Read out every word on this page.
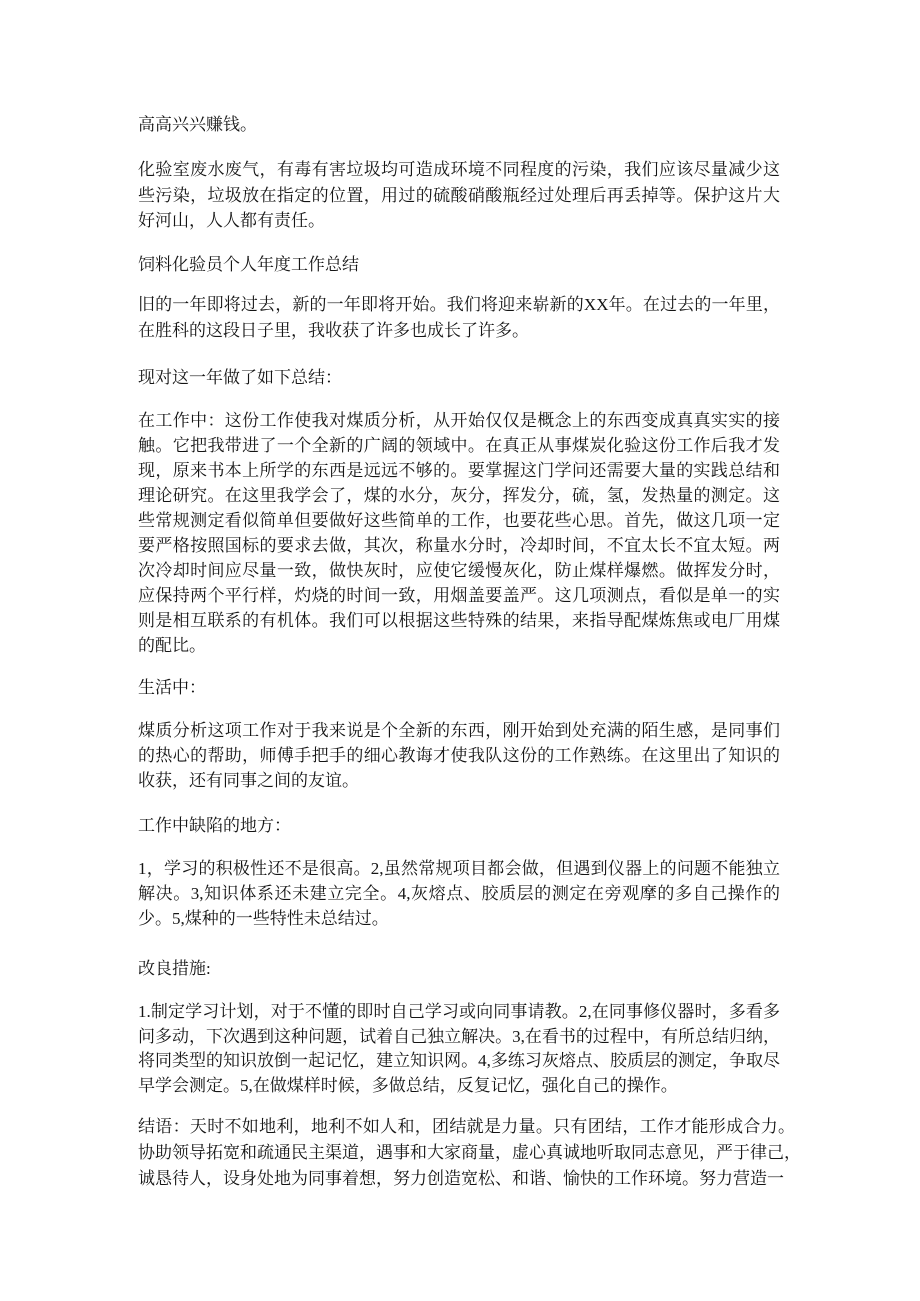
高高兴兴赚钱。
化验室废水废气，有毒有害垃圾均可造成环境不同程度的污染，我们应该尽量减少这
些污染，垃圾放在指定的位置，用过的硫酸硝酸瓶经过处理后再丢掉等。保护这片大
好河山，人人都有责任。
饲料化验员个人年度工作总结
旧的一年即将过去，新的一年即将开始。我们将迎来崭新的XX年。在过去的一年里，
在胜科的这段日子里，我收获了许多也成长了许多。
现对这一年做了如下总结：
在工作中：这份工作使我对煤质分析，从开始仅仅是概念上的东西变成真真实实的接
触。它把我带进了一个全新的广阔的领域中。在真正从事煤炭化验这份工作后我才发
现，原来书本上所学的东西是远远不够的。要掌握这门学问还需要大量的实践总结和
理论研究。在这里我学会了，煤的水分，灰分，挥发分，硫，氢，发热量的测定。这
些常规测定看似简单但要做好这些简单的工作，也要花些心思。首先，做这几项一定
要严格按照国标的要求去做，其次，称量水分时，冷却时间，不宜太长不宜太短。两
次冷却时间应尽量一致，做快灰时，应使它缓慢灰化，防止煤样爆燃。做挥发分时，
应保持两个平行样，灼烧的时间一致，用烟盖要盖严。这几项测点，看似是单一的实
则是相互联系的有机体。我们可以根据这些特殊的结果，来指导配煤炼焦或电厂用煤
的配比。
生活中：
煤质分析这项工作对于我来说是个全新的东西，刚开始到处充满的陌生感，是同事们
的热心的帮助，师傅手把手的细心教诲才使我队这份的工作熟练。在这里出了知识的
收获，还有同事之间的友谊。
工作中缺陷的地方：
1，学习的积极性还不是很高。2,虽然常规项目都会做，但遇到仪器上的问题不能独立
解决。3,知识体系还未建立完全。4,灰熔点、胶质层的测定在旁观摩的多自己操作的
少。5,煤种的一些特性未总结过。
改良措施:
1.制定学习计划，对于不懂的即时自己学习或向同事请教。2,在同事修仪器时，多看多
问多动，下次遇到这种问题，试着自己独立解决。3,在看书的过程中，有所总结归纳，
将同类型的知识放倒一起记忆，建立知识网。4,多练习灰熔点、胶质层的测定，争取尽
早学会测定。5,在做煤样时候，多做总结，反复记忆，强化自己的操作。
结语：天时不如地利，地利不如人和，团结就是力量。只有团结，工作才能形成合力。
协助领导拓宽和疏通民主渠道，遇事和大家商量，虚心真诚地听取同志意见，严于律己，
诚恳待人，设身处地为同事着想，努力创造宽松、和谐、愉快的工作环境。努力营造一
